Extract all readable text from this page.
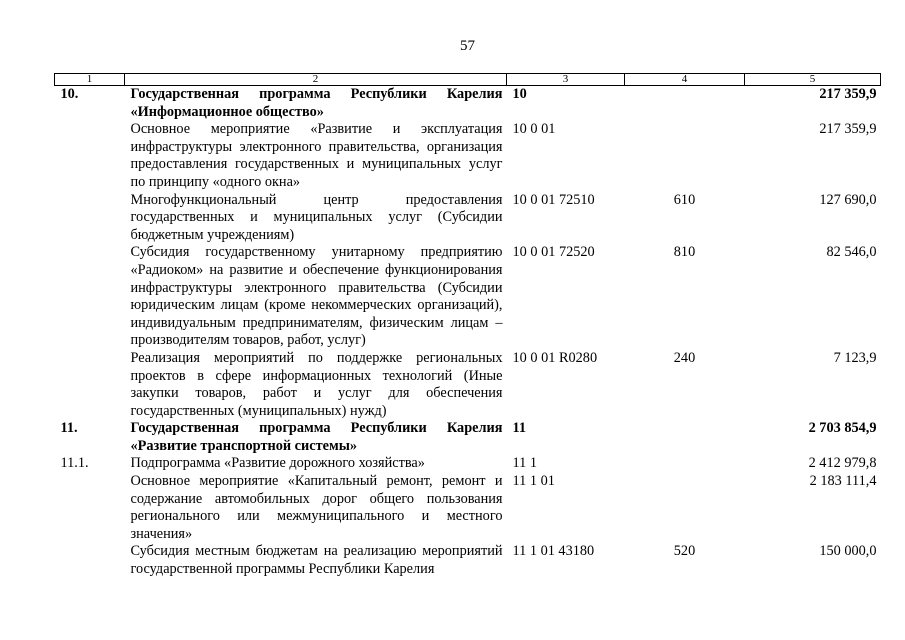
57
1	2	3	4	5
10.	Государственная программа Республики Карелия «Информационное общество»	10		217 359,9
	Основное мероприятие «Развитие и эксплуатация инфраструктуры электронного правительства, организация предоставления государственных и муниципальных услуг по принципу «одного окна»	10 0 01		217 359,9
	Многофункциональный центр предоставления государственных и муниципальных услуг (Субсидии бюджетным учреждениям)	10 0 01 72510	610	127 690,0
	Субсидия государственному унитарному предприятию «Радиоком» на развитие и обеспечение функционирования инфраструктуры электронного правительства (Субсидии юридическим лицам (кроме некоммерческих организаций), индивидуальным предпринимателям, физическим лицам – производителям товаров, работ, услуг)	10 0 01 72520	810	82 546,0
	Реализация мероприятий по поддержке региональных проектов в сфере информационных технологий (Иные закупки товаров, работ и услуг для обеспечения государственных (муниципальных) нужд)	10 0 01 R0280	240	7 123,9
11.	Государственная программа Республики Карелия «Развитие транспортной системы»	11		2 703 854,9
11.1.	Подпрограмма «Развитие дорожного хозяйства»	11 1		2 412 979,8
	Основное мероприятие «Капитальный ремонт, ремонт и содержание автомобильных дорог общего пользования регионального или межмуниципального и местного значения»	11 1 01		2 183 111,4
	Субсидия местным бюджетам на реализацию мероприятий государственной программы Республики Карелия	11 1 01 43180	520	150 000,0
